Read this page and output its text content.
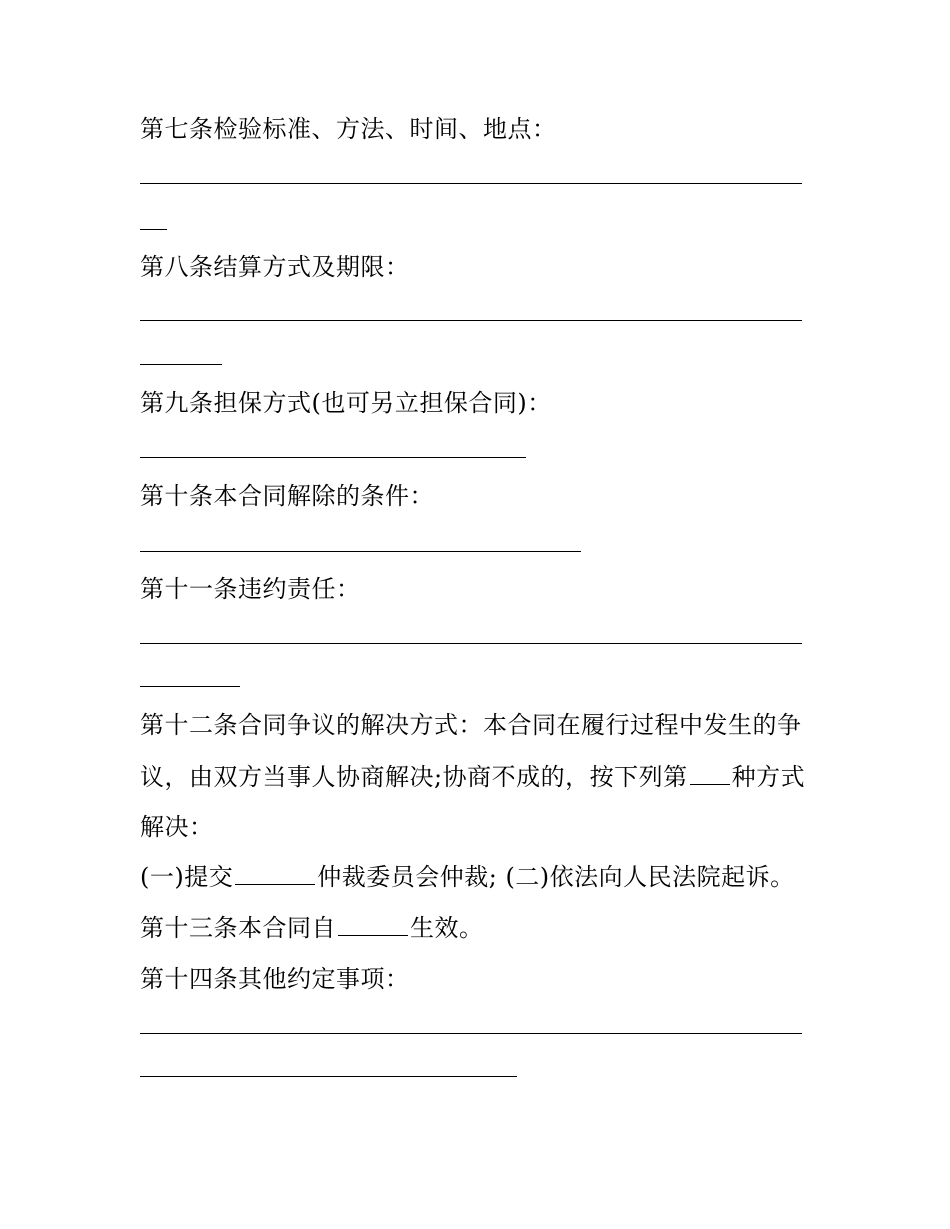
第七条检验标准、方法、时间、地点：
第八条结算方式及期限：
第九条担保方式(也可另立担保合同)：
第十条本合同解除的条件：
第十一条违约责任：
第十二条合同争议的解决方式：本合同在履行过程中发生的争
议，由双方当事人协商解决;协商不成的，按下列第 种方式
解决：
(一)提交	仲裁委员会仲裁; (二)依法向人民法院起诉。
第十三条本合同自	生效。
第十四条其他约定事项：
